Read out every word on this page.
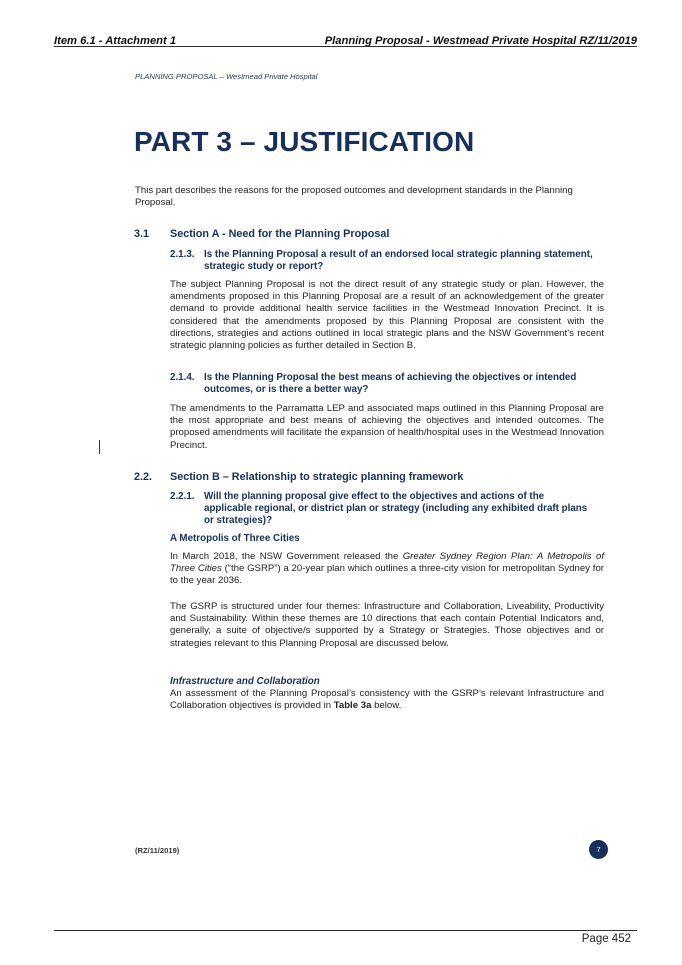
Item 6.1 - Attachment 1	Planning Proposal - Westmead Private Hospital RZ/11/2019
PLANNING PROPOSAL – Westmead Private Hospital
PART 3 – JUSTIFICATION

This part describes the reasons for the proposed outcomes and development standards in the Planning Proposal.

3.1	Section A - Need for the Planning Proposal
2.1.3. Is the Planning Proposal a result of an endorsed local strategic planning statement, strategic study or report?

The subject Planning Proposal is not the direct result of any strategic study or plan. However, the amendments proposed in this Planning Proposal are a result of an acknowledgement of the greater demand to provide additional health service facilities in the Westmead Innovation Precinct. It is considered that the amendments proposed by this Planning Proposal are consistent with the directions, strategies and actions outlined in local strategic plans and the NSW Government’s recent strategic planning policies as further detailed in Section B.

2.1.4. Is the Planning Proposal the best means of achieving the objectives or intended outcomes, or is there a better way?

The amendments to the Parramatta LEP and associated maps outlined in this Planning Proposal are the most appropriate and best means of achieving the objectives and intended outcomes. The proposed amendments will facilitate the expansion of health/hospital uses in the Westmead Innovation Precinct.

2.2.	Section B – Relationship to strategic planning framework
2.2.1. Will the planning proposal give effect to the objectives and actions of the applicable regional, or district plan or strategy (including any exhibited draft plans or strategies)?
A Metropolis of Three Cities

In March 2018, the NSW Government released the Greater Sydney Region Plan: A Metropolis of Three Cities (“the GSRP”) a 20-year plan which outlines a three-city vision for metropolitan Sydney for to the year 2036.

The GSRP is structured under four themes: Infrastructure and Collaboration, Liveability, Productivity and Sustainability. Within these themes are 10 directions that each contain Potential Indicators and, generally, a suite of objective/s supported by a Strategy or Strategies. Those objectives and or strategies relevant to this Planning Proposal are discussed below.

Infrastructure and Collaboration

An assessment of the Planning Proposal’s consistency with the GSRP’s relevant Infrastructure and Collaboration objectives is provided in Table 3a below.

(RZ/11/2019)	7
Page 452
